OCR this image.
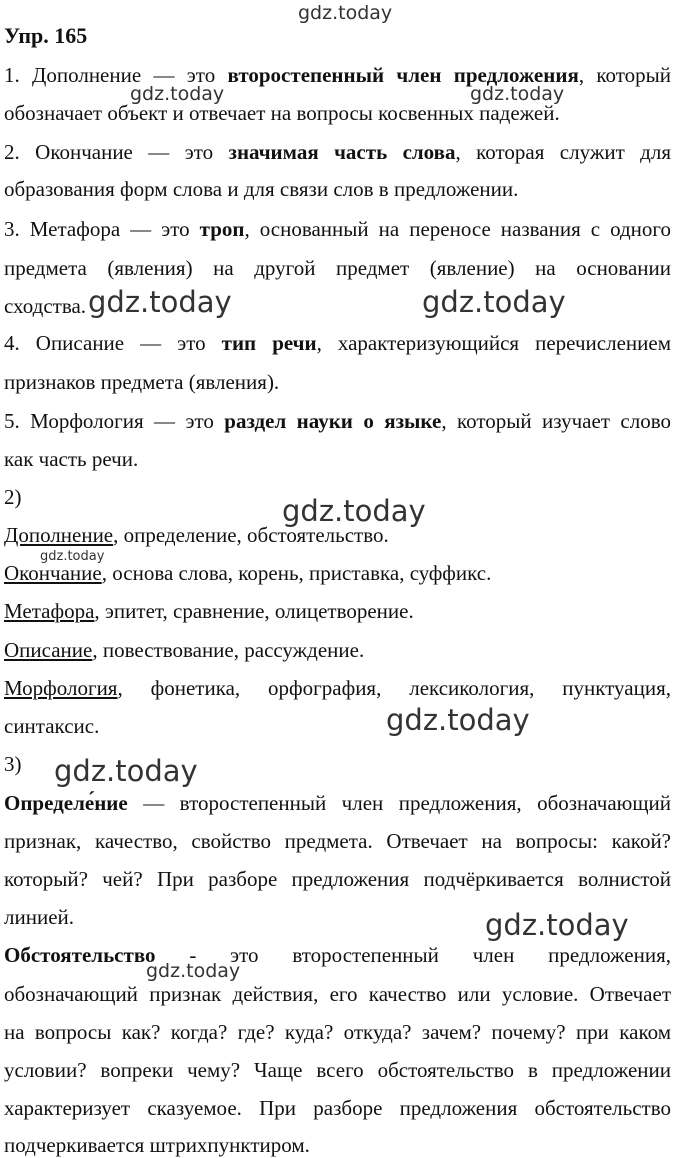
gdz.today
gdz.today	gdz.today
gdz.today	gdz.today
gdz.today
gdz.today
gdz.today
gdz.today
gdz.today
gdz.today
Упр. 165
1. Дополнение — это второстепенный член предложения, который
обозначает объект и отвечает на вопросы косвенных падежей.
2. Окончание — это значимая часть слова, которая служит для
образования форм слова и для связи слов в предложении.
3. Метафора — это троп, основанный на переносе названия с одного
предмета (явления) на другой предмет (явление) на основании
сходства.
4. Описание — это тип речи, характеризующийся перечислением
признаков предмета (явления).
5. Морфология — это раздел науки о языке, который изучает слово
как часть речи.
2)
Дополнение, определение, обстоятельство.
Окончание, основа слова, корень, приставка, суффикс.
Метафора, эпитет, сравнение, олицетворение.
Описание, повествование, рассуждение.
Морфология, фонетика, орфография, лексикология, пунктуация,
синтаксис.
3)
Определе́ние — второстепенный член предложения, обозначающий
признак, качество, свойство предмета. Отвечает на вопросы: какой?
который? чей? При разборе предложения подчёркивается волнистой
линией.
Обстоятельство - это второстепенный член предложения,
обозначающий признак действия, его качество или условие. Отвечает
на вопросы как? когда? где? куда? откуда? зачем? почему? при каком
условии? вопреки чему? Чаще всего обстоятельство в предложении
характеризует сказуемое. При разборе предложения обстоятельство
подчеркивается штрихпунктиром.
